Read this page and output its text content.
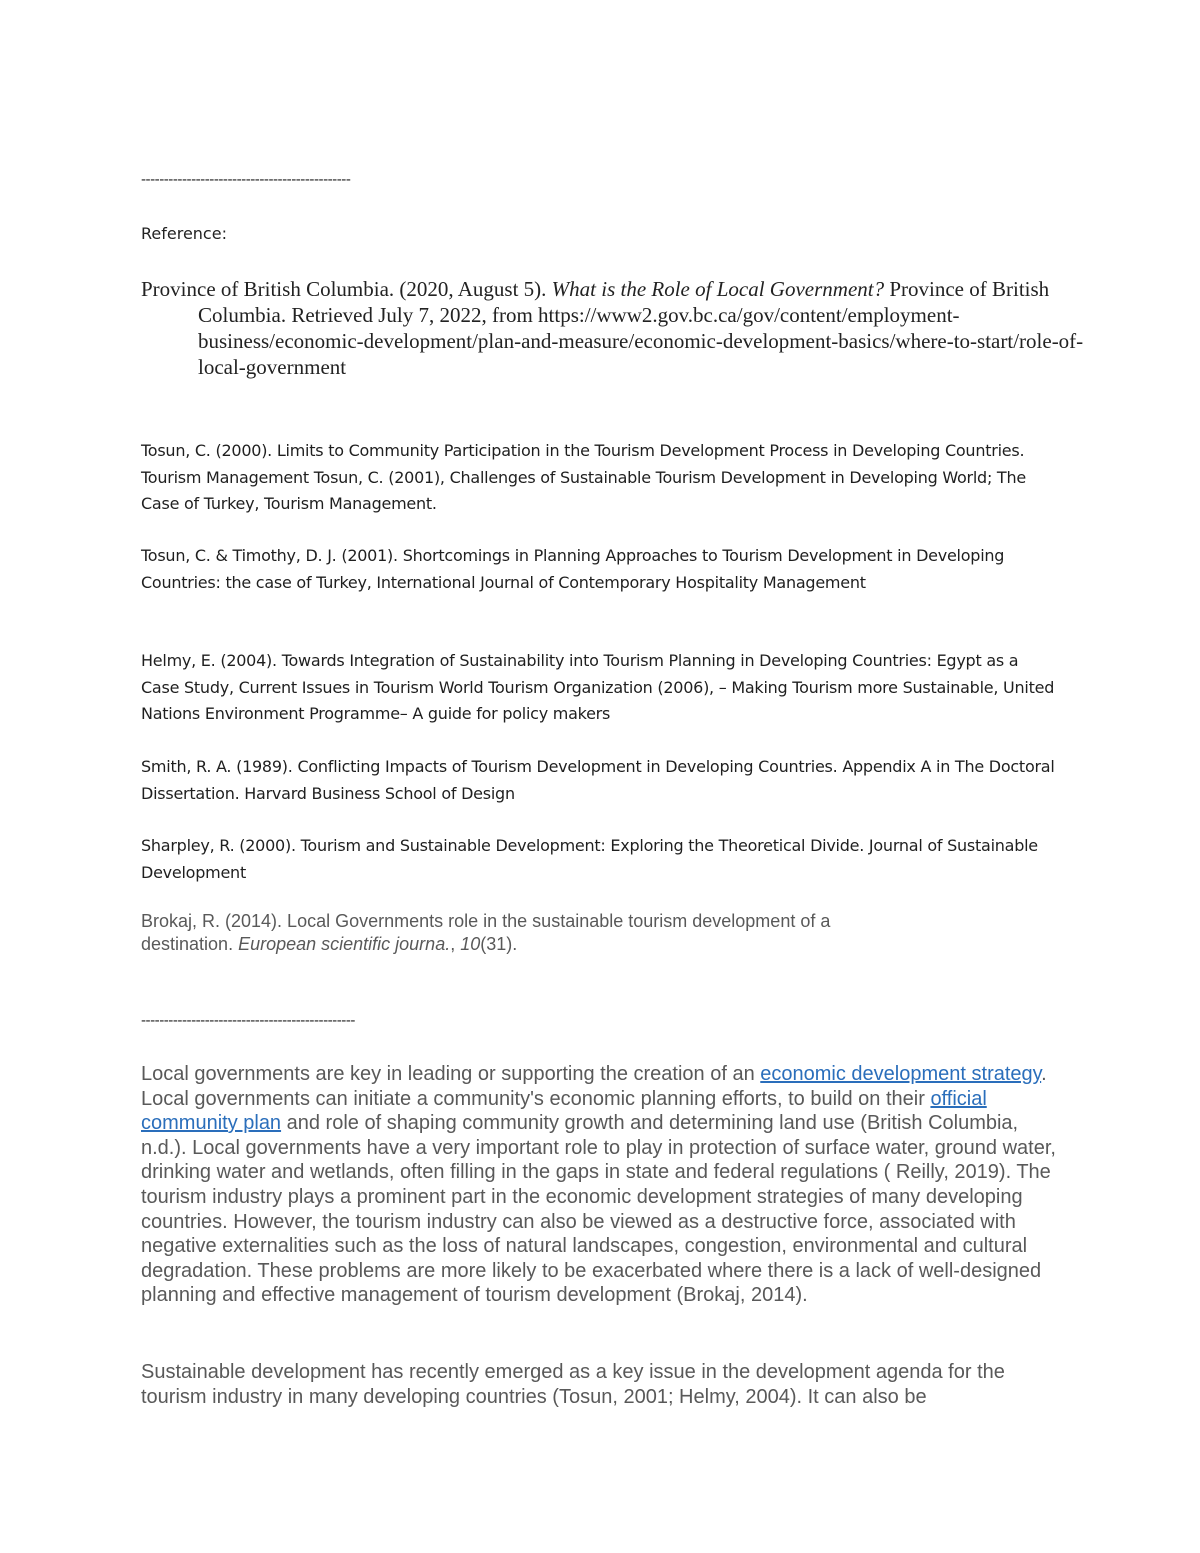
----------------------------------------------
Reference:
Province of British Columbia. (2020, August 5). What is the Role of Local Government? Province of British Columbia. Retrieved July 7, 2022, from https://www2.gov.bc.ca/gov/content/employment-business/economic-development/plan-and-measure/economic-development-basics/where-to-start/role-of-local-government
Tosun, C. (2000). Limits to Community Participation in the Tourism Development Process in Developing Countries. Tourism Management Tosun, C. (2001), Challenges of Sustainable Tourism Development in Developing World; The Case of Turkey, Tourism Management.
Tosun, C. & Timothy, D. J. (2001). Shortcomings in Planning Approaches to Tourism Development in Developing Countries: the case of Turkey, International Journal of Contemporary Hospitality Management
Helmy, E. (2004). Towards Integration of Sustainability into Tourism Planning in Developing Countries: Egypt as a Case Study, Current Issues in Tourism World Tourism Organization (2006), – Making Tourism more Sustainable, United Nations Environment Programme– A guide for policy makers
Smith, R. A. (1989). Conflicting Impacts of Tourism Development in Developing Countries. Appendix A in The Doctoral Dissertation. Harvard Business School of Design
Sharpley, R. (2000). Tourism and Sustainable Development: Exploring the Theoretical Divide. Journal of Sustainable Development
Brokaj, R. (2014). Local Governments role in the sustainable tourism development of a destination. European scientific journa., 10(31).
-----------------------------------------------
Local governments are key in leading or supporting the creation of an economic development strategy. Local governments can initiate a community's economic planning efforts, to build on their official community plan and role of shaping community growth and determining land use (British Columbia, n.d.). Local governments have a very important role to play in protection of surface water, ground water, drinking water and wetlands, often filling in the gaps in state and federal regulations ( Reilly, 2019). The tourism industry plays a prominent part in the economic development strategies of many developing countries. However, the tourism industry can also be viewed as a destructive force, associated with negative externalities such as the loss of natural landscapes, congestion, environmental and cultural degradation. These problems are more likely to be exacerbated where there is a lack of well-designed planning and effective management of tourism development (Brokaj, 2014).
Sustainable development has recently emerged as a key issue in the development agenda for the tourism industry in many developing countries (Tosun, 2001; Helmy, 2004). It can also be
